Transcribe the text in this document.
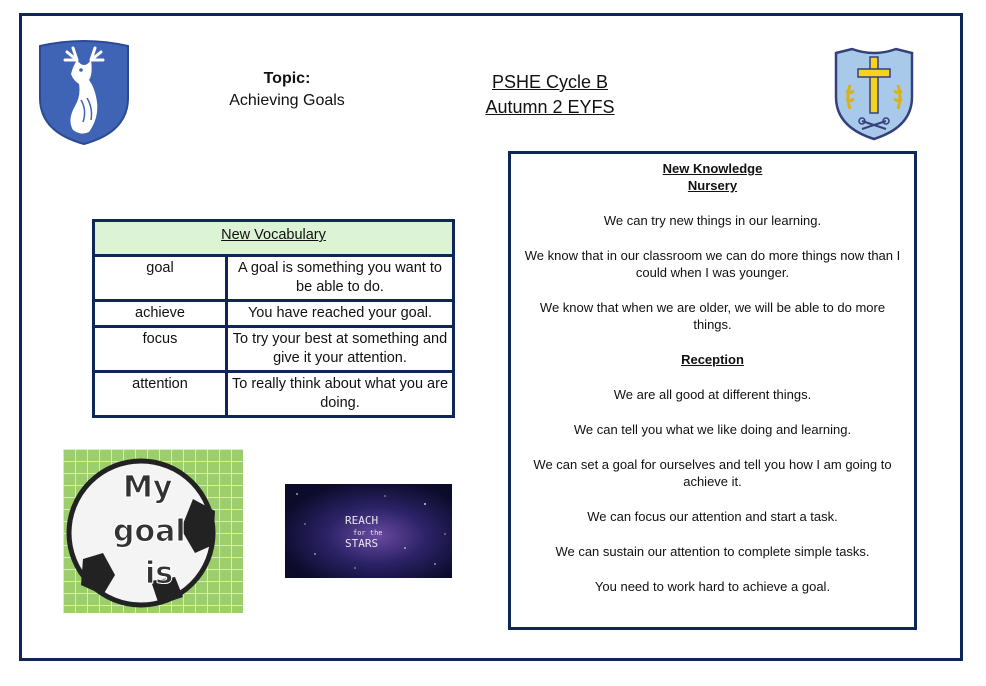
Topic:
Achieving Goals
PSHE Cycle B
Autumn 2 EYFS
New Vocabulary	
goal	A goal is something you want to be able to do.
achieve	You have reached your goal.
focus	To try your best at something and give it your attention.
attention	To really think about what you are doing.
New Knowledge
Nursery

We can try new things in our learning.

We know that in our classroom we can do more things now than I could when I was younger.

We know that when we are older, we will be able to do more things.

Reception

We are all good at different things.

We can tell you what we like doing and learning.

We can set a goal for ourselves and tell you how I am going to achieve it.

We can focus our attention and start a task.

We can sustain our attention to complete simple tasks.

You need to work hard to achieve a goal.

My
goal
is
REACH
for the
STARS
